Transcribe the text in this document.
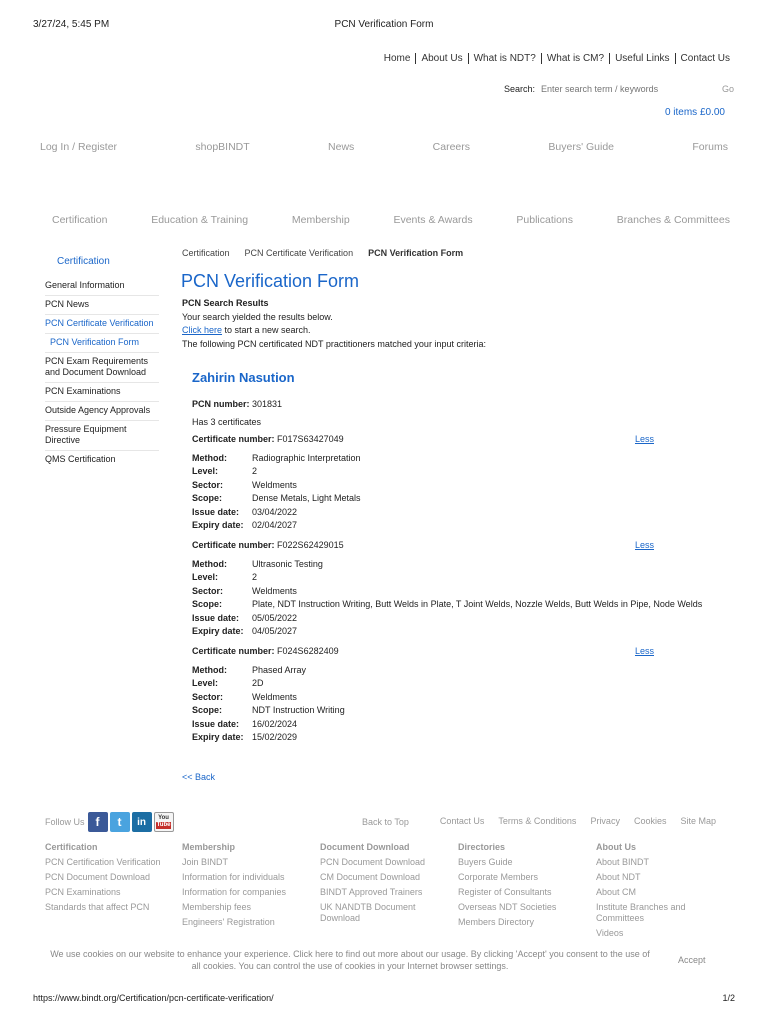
3/27/24, 5:45 PM	PCN Verification Form
Home	About Us	What is NDT?	What is CM?	Useful Links	Contact Us
Search:
Enter search term / keywords	Go
0 items £0.00
Log In / Register	shopBINDT	News	Careers	Buyers' Guide	Forums
Certification	Education & Training	Membership	Events & Awards	Publications	Branches & Committees
Certification
General Information
PCN News
PCN Certificate Verification
PCN Verification Form
PCN Exam Requirements and Document Download
PCN Examinations
Outside Agency Approvals
Pressure Equipment Directive
QMS Certification
Certification PCN Certificate Verification PCN Verification Form
PCN Verification Form
PCN Search Results
Your search yielded the results below.
Click here to start a new search.
The following PCN certificated NDT practitioners matched your input criteria:
Zahirin Nasution
PCN number: 301831
Has 3 certificates
Certificate number: F017S63427049	Less
Method:	Radiographic Interpretation
Level:	2
Sector:	Weldments
Scope:	Dense Metals, Light Metals
Issue date:	03/04/2022
Expiry date:	02/04/2027
Certificate number: F022S62429015	Less
Method:	Ultrasonic Testing
Level:	2
Sector:	Weldments
Scope:	Plate, NDT Instruction Writing, Butt Welds in Plate, T Joint Welds, Nozzle Welds, Butt Welds in Pipe, Node Welds
Issue date:	05/05/2022
Expiry date:	04/05/2027
Certificate number: F024S6282409	Less
Method:	Phased Array
Level:	2D
Sector:	Weldments
Scope:	NDT Instruction Writing
Issue date:	16/02/2024
Expiry date:	15/02/2029
<< Back
Follow Us f	t	in	You
Tube	Back to Top	Contact Us Terms & Conditions Privacy Cookies Site Map
Certification
PCN Certification Verification
PCN Document Download
PCN Examinations
Standards that affect PCN
Membership
Join BINDT
Information for individuals
Information for companies
Membership fees
Engineers' Registration
Document Download
PCN Document Download
CM Document Download
BINDT Approved Trainers
UK NANDTB Document Download
Directories
Buyers Guide
Corporate Members
Register of Consultants
Overseas NDT Societies
Members Directory
About Us
About BINDT
About NDT
About CM
Institute Branches and Committees
Videos
We use cookies on our website to enhance your experience. Click here to find out more about our usage. By clicking 'Accept' you consent to the use of all cookies. You can control the use of cookies in your Internet browser settings.
Accept
https://www.bindt.org/Certification/pcn-certificate-verification/	1/2
